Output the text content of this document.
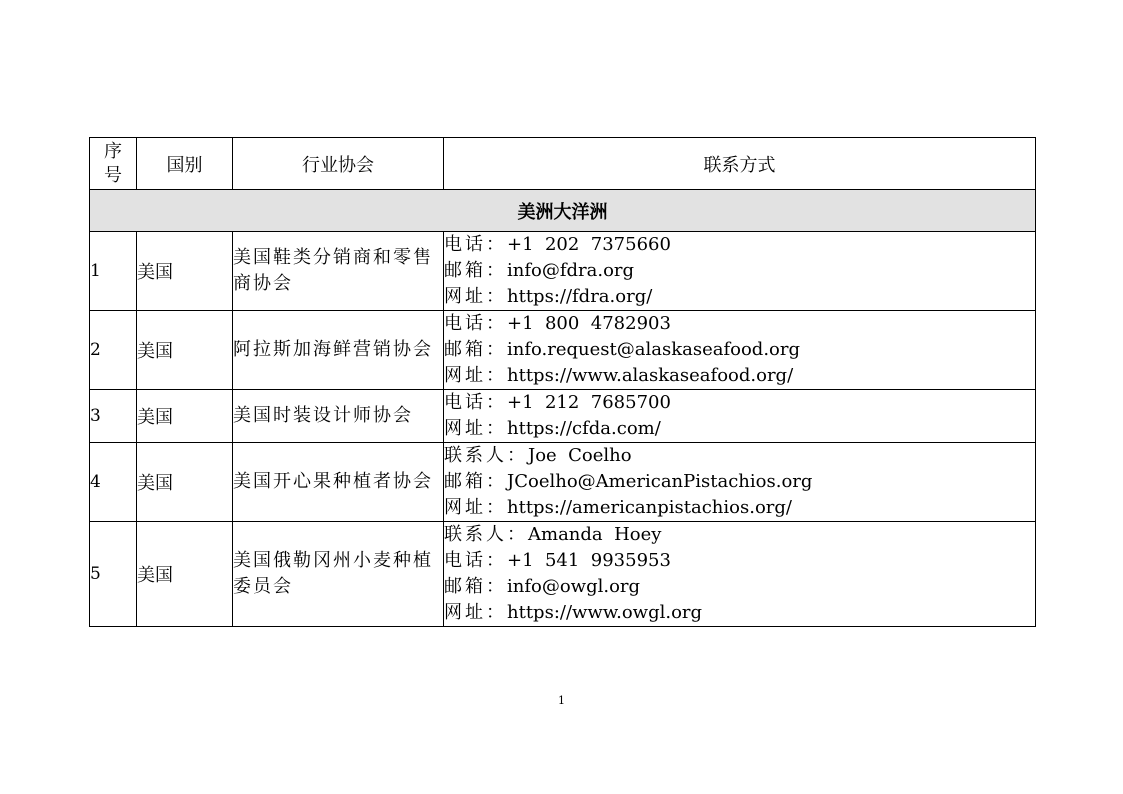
序
号	国别	行业协会	联系方式
美洲大洋洲			
1	美国	美国鞋类分销商和零售商协会	电话：+1  202  7375660
邮箱：info@fdra.org
网址：https://fdra.org/

2	美国	阿拉斯加海鲜营销协会	电话：+1  800  4782903
邮箱：info.request@alaskaseafood.org
网址：https://www.alaskaseafood.org/

3	美国	美国时装设计师协会	电话：+1  212  7685700
网址：https://cfda.com/

4	美国	美国开心果种植者协会	联系人：Joe  Coelho
邮箱：JCoelho@AmericanPistachios.org
网址：https://americanpistachios.org/

5	美国	美国俄勒冈州小麦种植委员会	联系人：Amanda  Hoey
电话：+1  541  9935953
邮箱：info@owgl.org
网址：https://www.owgl.org
1
